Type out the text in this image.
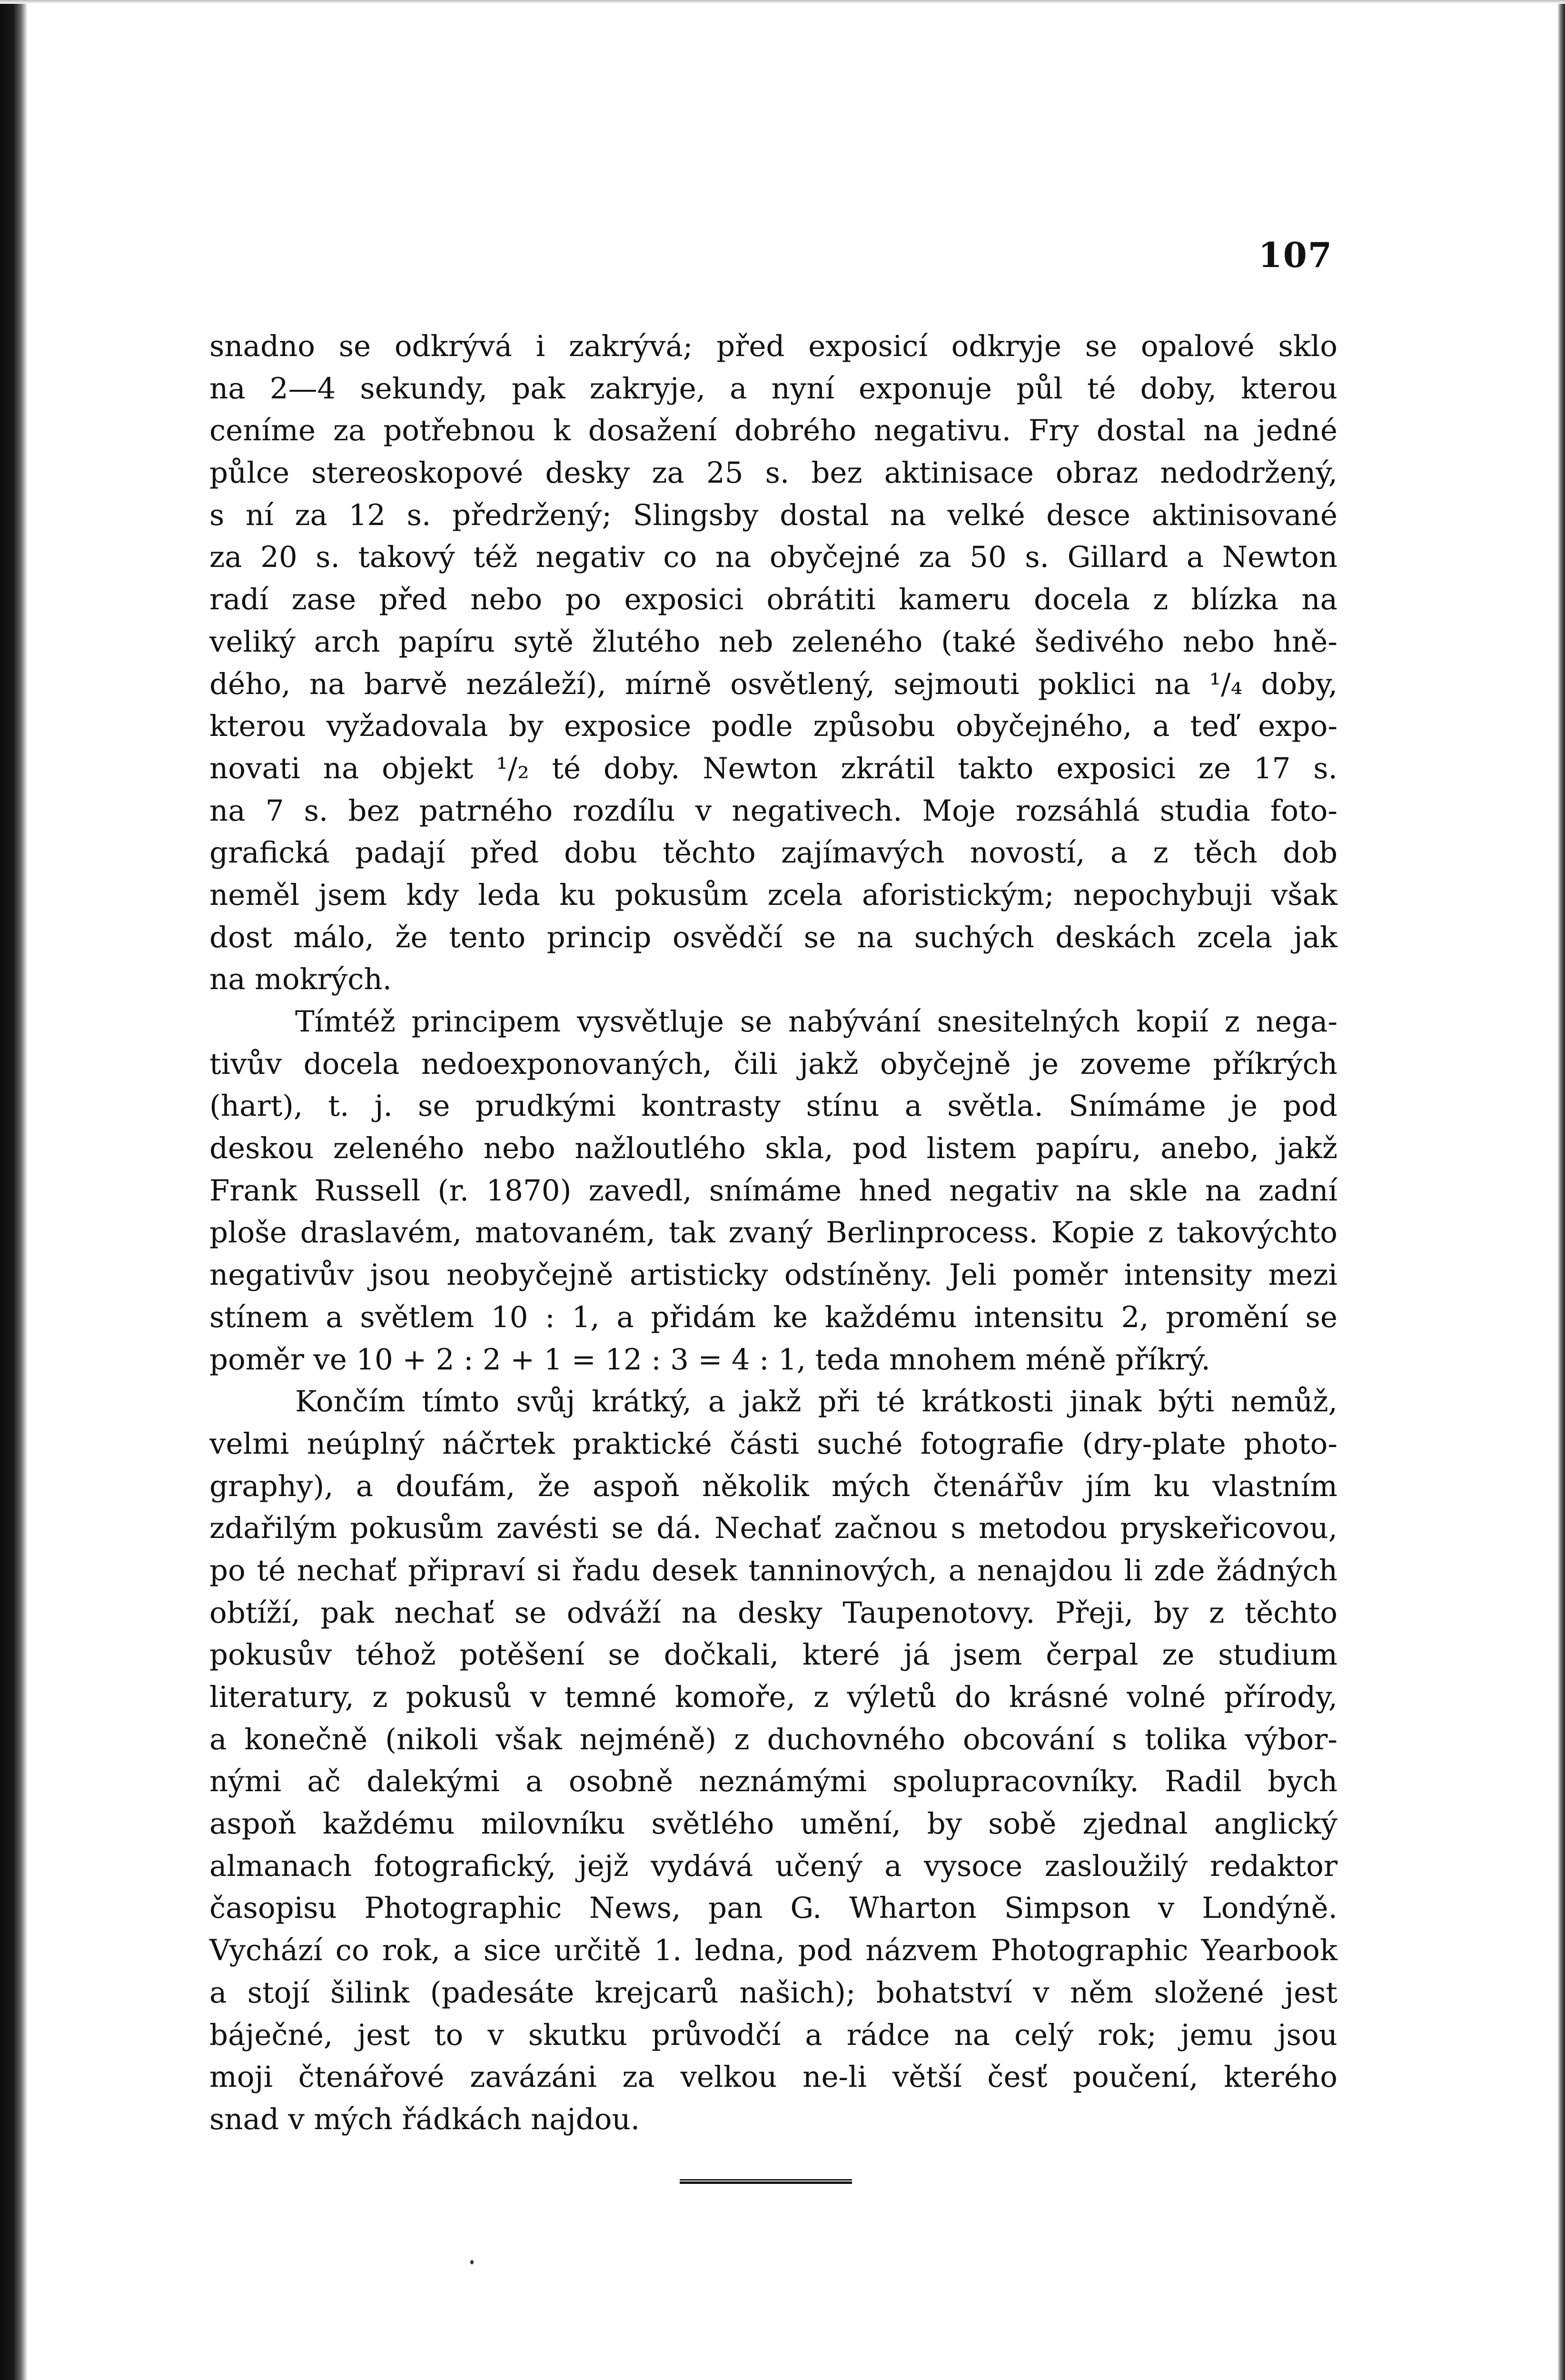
107
snadno se odkrývá i zakrývá; před exposicí odkryje se opalové sklo
na 2—4 sekundy, pak zakryje, a nyní exponuje půl té doby, kterou
ceníme za potřebnou k dosažení dobrého negativu. Fry dostal na jedné
půlce stereoskopové desky za 25 s. bez aktinisace obraz nedodržený,
s ní za 12 s. předržený; Slingsby dostal na velké desce aktinisované
za 20 s. takový též negativ co na obyčejné za 50 s. Gillard a Newton
radí zase před nebo po exposici obrátiti kameru docela z blízka na
veliký arch papíru sytě žlutého neb zeleného (také šedivého nebo hně-
dého, na barvě nezáleží), mírně osvětlený, sejmouti poklici na ¹/₄ doby,
kterou vyžadovala by exposice podle způsobu obyčejného, a teď expo-
novati na objekt ¹/₂ té doby. Newton zkrátil takto exposici ze 17 s.
na 7 s. bez patrného rozdílu v negativech. Moje rozsáhlá studia foto-
grafická padají před dobu těchto zajímavých novostí, a z těch dob
neměl jsem kdy leda ku pokusům zcela aforistickým; nepochybuji však
dost málo, že tento princip osvědčí se na suchých deskách zcela jak
na mokrých.
Tímtéž principem vysvětluje se nabývání snesitelných kopií z nega-
tivův docela nedoexponovaných, čili jakž obyčejně je zoveme příkrých
(hart), t. j. se prudkými kontrasty stínu a světla. Snímáme je pod
deskou zeleného nebo nažloutlého skla, pod listem papíru, anebo, jakž
Frank Russell (r. 1870) zavedl, snímáme hned negativ na skle na zadní
ploše draslavém, matovaném, tak zvaný Berlinprocess. Kopie z takovýchto
negativův jsou neobyčejně artisticky odstíněny. Jeli poměr intensity mezi
stínem a světlem 10 : 1, a přidám ke každému intensitu 2, promění se
poměr ve 10 + 2 : 2 + 1 = 12 : 3 = 4 : 1, teda mnohem méně příkrý.
Končím tímto svůj krátký, a jakž při té krátkosti jinak býti nemůž,
velmi neúplný náčrtek praktické části suché fotografie (dry-plate photo-
graphy), a doufám, že aspoň několik mých čtenářův jím ku vlastním
zdařilým pokusům zavésti se dá. Nechať začnou s metodou pryskeřicovou,
po té nechať připraví si řadu desek tanninových, a nenajdou li zde žádných
obtíží, pak nechať se odváží na desky Taupenotovy. Přeji, by z těchto
pokusův téhož potěšení se dočkali, které já jsem čerpal ze studium
literatury, z pokusů v temné komoře, z výletů do krásné volné přírody,
a konečně (nikoli však nejméně) z duchovného obcování s tolika výbor-
nými ač dalekými a osobně neznámými spolupracovníky. Radil bych
aspoň každému milovníku světlého umění, by sobě zjednal anglický
almanach fotografický, jejž vydává učený a vysoce zasloužilý redaktor
časopisu Photographic News, pan G. Wharton Simpson v Londýně.
Vychází co rok, a sice určitě 1. ledna, pod názvem Photographic Yearbook
a stojí šilink (padesáte krejcarů našich); bohatství v něm složené jest
báječné, jest to v skutku průvodčí a rádce na celý rok; jemu jsou
moji čtenářové zavázáni za velkou ne-li větší česť poučení, kterého
snad v mých řádkách najdou.
